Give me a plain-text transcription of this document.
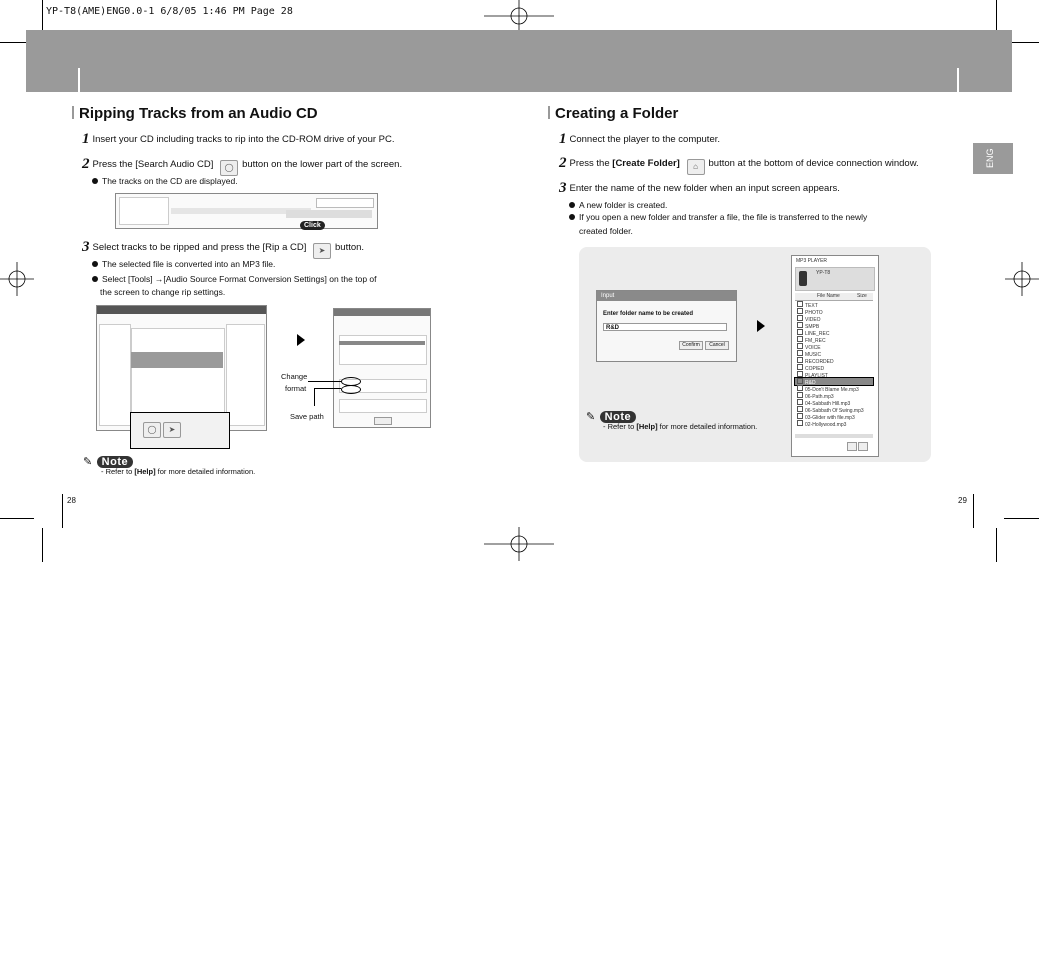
YP-T8(AME)ENG0.0-1 6/8/05 1:46 PM Page 28
ENG
Ripping Tracks from an Audio CD
1 Insert your CD including tracks to rip into the CD-ROM drive of your PC.
2 Press the [Search Audio CD] ◯ button on the lower part of the screen.
The tracks on the CD are displayed.
Click
3 Select tracks to be ripped and press the [Rip a CD] ➤ button.
The selected file is converted into an MP3 file.
Select [Tools] →[Audio Source Format Conversion Settings] on the top of
the screen to change rip settings.
◯	➤
Change
format
Save path
✎ Note
- Refer to [Help] for more detailed information.
28
Creating a Folder
1 Connect the player to the computer.
2 Press the [Create Folder] ⌂ button at the bottom of device connection window.
3 Enter the name of the new folder when an input screen appears.
A new folder is created.
If you open a new folder and transfer a file, the file is transferred to the newly
created folder.
Input
Enter folder name to be created
R&D
Confirm	Cancel
MP3 PLAYER
YP-T8
File Name	Size
TEXT
PHOTO
VIDEO
SMPB
LINE_REC
FM_REC
VOICE
MUSIC
RECORDED
COPIED
PLAYLIST
R&D
05-Don't Blame Me.mp3
06-Path.mp3
04-Sabbath Hill.mp3
06-Sabbath Of Swing.mp3
03-Glider with file.mp3
02-Hollywood.mp3
✎ Note
- Refer to [Help] for more detailed information.
29
